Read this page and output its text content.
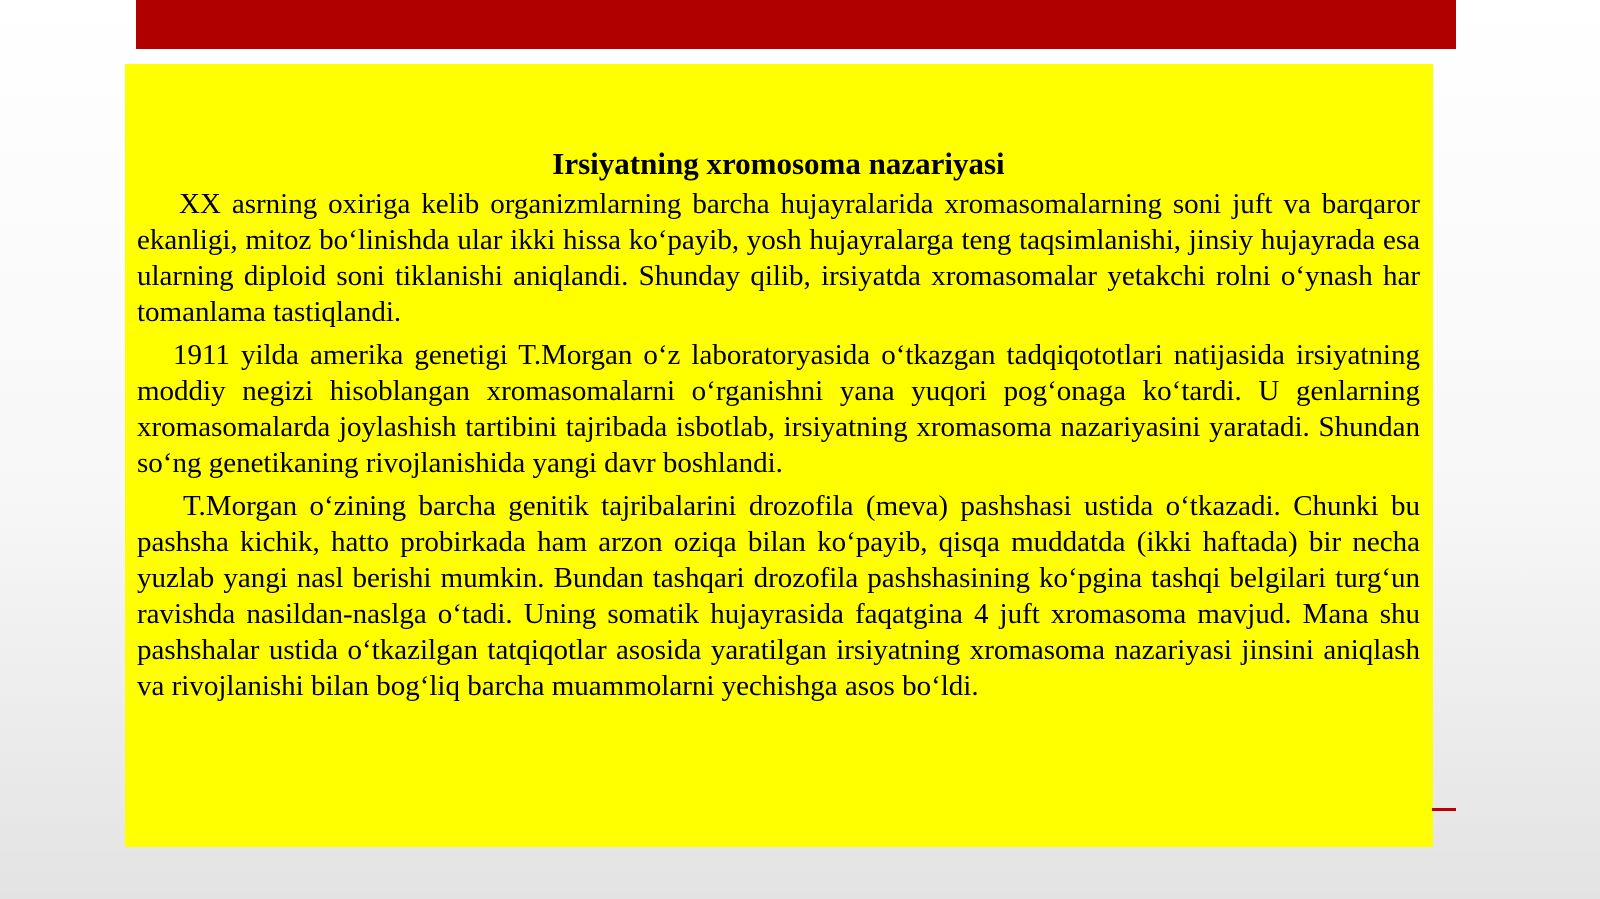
Irsiyatning xromosoma nazariyasi

XX asrning oxiriga kelib organizmlarning barcha hujayralarida xromasomalarning soni juft va barqaror ekanligi, mitoz bo‘linishda ular ikki hissa ko‘payib, yosh hujayralarga teng taqsimlanishi, jinsiy hujayrada esa ularning diploid soni tiklanishi aniqlandi. Shunday qilib, irsiyatda xromasomalar yetakchi rolni o‘ynash har tomanlama tastiqlandi.

1911 yilda amerika genetigi T.Morgan o‘z laboratoryasida o‘tkazgan tadqiqototlari natijasida irsiyatning moddiy negizi hisoblangan xromasomalarni o‘rganishni yana yuqori pog‘onaga ko‘tardi. U genlarning xromasomalarda joylashish tartibini tajribada isbotlab, irsiyatning xromasoma nazariyasini yaratadi. Shundan so‘ng genetikaning rivojlanishida yangi davr boshlandi.

T.Morgan o‘zining barcha genitik tajribalarini drozofila (meva) pashshasi ustida o‘tkazadi. Chunki bu pashsha kichik, hatto probirkada ham arzon oziqa bilan ko‘payib, qisqa muddatda (ikki haftada) bir necha yuzlab yangi nasl berishi mumkin. Bundan tashqari drozofila pashshasining ko‘pgina tashqi belgilari turg‘un ravishda nasildan-naslga o‘tadi. Uning somatik hujayrasida faqatgina 4 juft xromasoma mavjud. Mana shu pashshalar ustida o‘tkazilgan tatqiqotlar asosida yaratilgan irsiyatning xromasoma nazariyasi jinsini aniqlash va rivojlanishi bilan bog‘liq barcha muammolarni yechishga asos bo‘ldi.
